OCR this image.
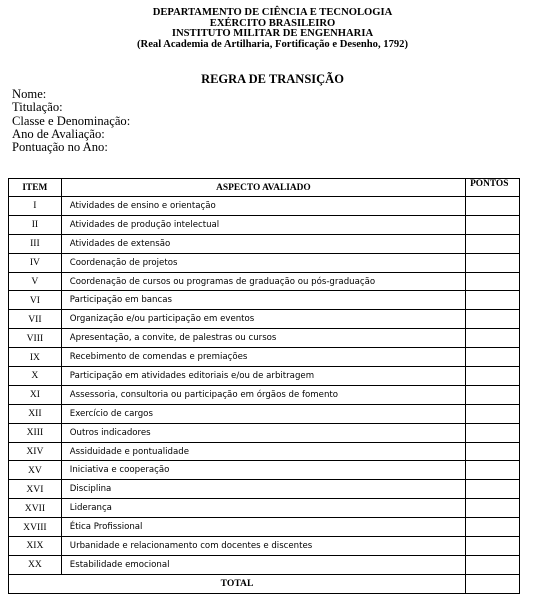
DEPARTAMENTO DE CIÊNCIA E TECNOLOGIA
EXÉRCITO BRASILEIRO
INSTITUTO MILITAR DE ENGENHARIA
(Real Academia de Artilharia, Fortificação e Desenho, 1792)
REGRA DE TRANSIÇÃO
Nome:
Titulação:
Classe e Denominação:
Ano de Avaliação:
Pontuação no Ano:
ITEM	ASPECTO AVALIADO	PONTOS
I	Atividades de ensino e orientação	
II	Atividades de produção intelectual	
III	Atividades de extensão	
IV	Coordenação de projetos	
V	Coordenação de cursos ou programas de graduação ou pós-graduação	
VI	Participação em bancas	
VII	Organização e/ou participação em eventos	
VIII	Apresentação, a convite, de palestras ou cursos	
IX	Recebimento de comendas e premiações	
X	Participação em atividades editoriais e/ou de arbitragem	
XI	Assessoria, consultoria ou participação em órgãos de fomento	
XII	Exercício de cargos	
XIII	Outros indicadores	
XIV	Assiduidade e pontualidade	
XV	Iniciativa e cooperação	
XVI	Disciplina	
XVII	Liderança	
XVIII	Ética Profissional	
XIX	Urbanidade e relacionamento com docentes e discentes	
XX	Estabilidade emocional	
TOTAL		
